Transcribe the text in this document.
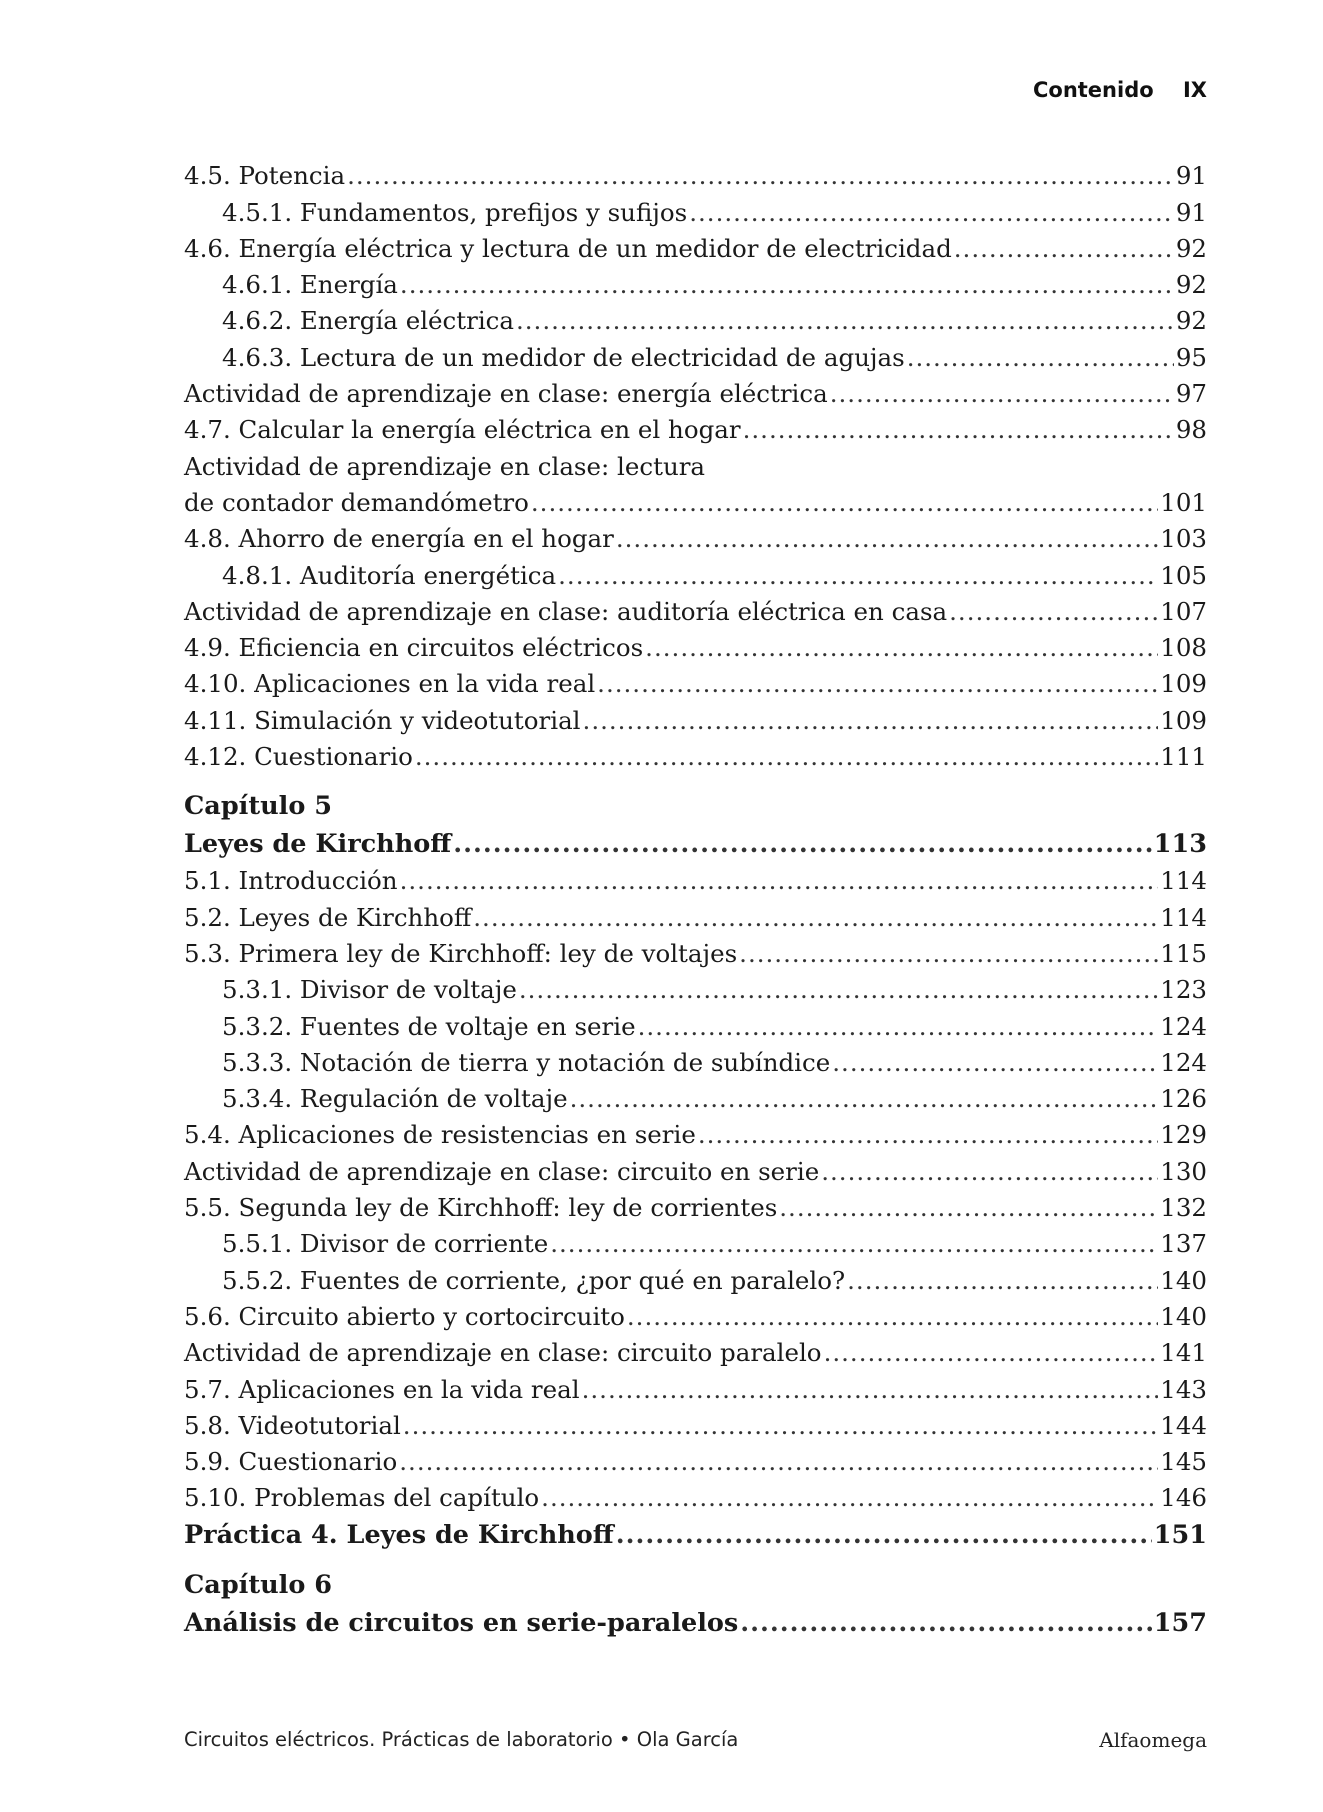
Contenido IX
4.5. Potencia .....	91
4.5.1. Fundamentos, prefijos y sufijos .....	91
4.6. Energía eléctrica y lectura de un medidor de electricidad .....	92
4.6.1. Energía .....	92
4.6.2. Energía eléctrica .....	92
4.6.3. Lectura de un medidor de electricidad de agujas .....	95
Actividad de aprendizaje en clase: energía eléctrica .....	97
4.7. Calcular la energía eléctrica en el hogar .....	98
Actividad de aprendizaje en clase: lectura
de contador demandómetro .....	101
4.8. Ahorro de energía en el hogar .....	103
4.8.1. Auditoría energética .....	105
Actividad de aprendizaje en clase: auditoría eléctrica en casa .....	107
4.9. Eficiencia en circuitos eléctricos .....	108
4.10. Aplicaciones en la vida real .....	109
4.11. Simulación y videotutorial .....	109
4.12. Cuestionario .....	111
Capítulo 5
Leyes de Kirchhoff .....	113
5.1. Introducción .....	114
5.2. Leyes de Kirchhoff .....	114
5.3. Primera ley de Kirchhoff: ley de voltajes .....	115
5.3.1. Divisor de voltaje .....	123
5.3.2. Fuentes de voltaje en serie .....	124
5.3.3. Notación de tierra y notación de subíndice .....	124
5.3.4. Regulación de voltaje .....	126
5.4. Aplicaciones de resistencias en serie .....	129
Actividad de aprendizaje en clase: circuito en serie .....	130
5.5. Segunda ley de Kirchhoff: ley de corrientes .....	132
5.5.1. Divisor de corriente .....	137
5.5.2. Fuentes de corriente, ¿por qué en paralelo? .....	140
5.6. Circuito abierto y cortocircuito .....	140
Actividad de aprendizaje en clase: circuito paralelo .....	141
5.7. Aplicaciones en la vida real .....	143
5.8. Videotutorial .....	144
5.9. Cuestionario .....	145
5.10. Problemas del capítulo .....	146
Práctica 4. Leyes de Kirchhoff .....	151
Capítulo 6
Análisis de circuitos en serie-paralelos .....	157
Circuitos eléctricos. Prácticas de laboratorio • Ola García	Alfaomega
